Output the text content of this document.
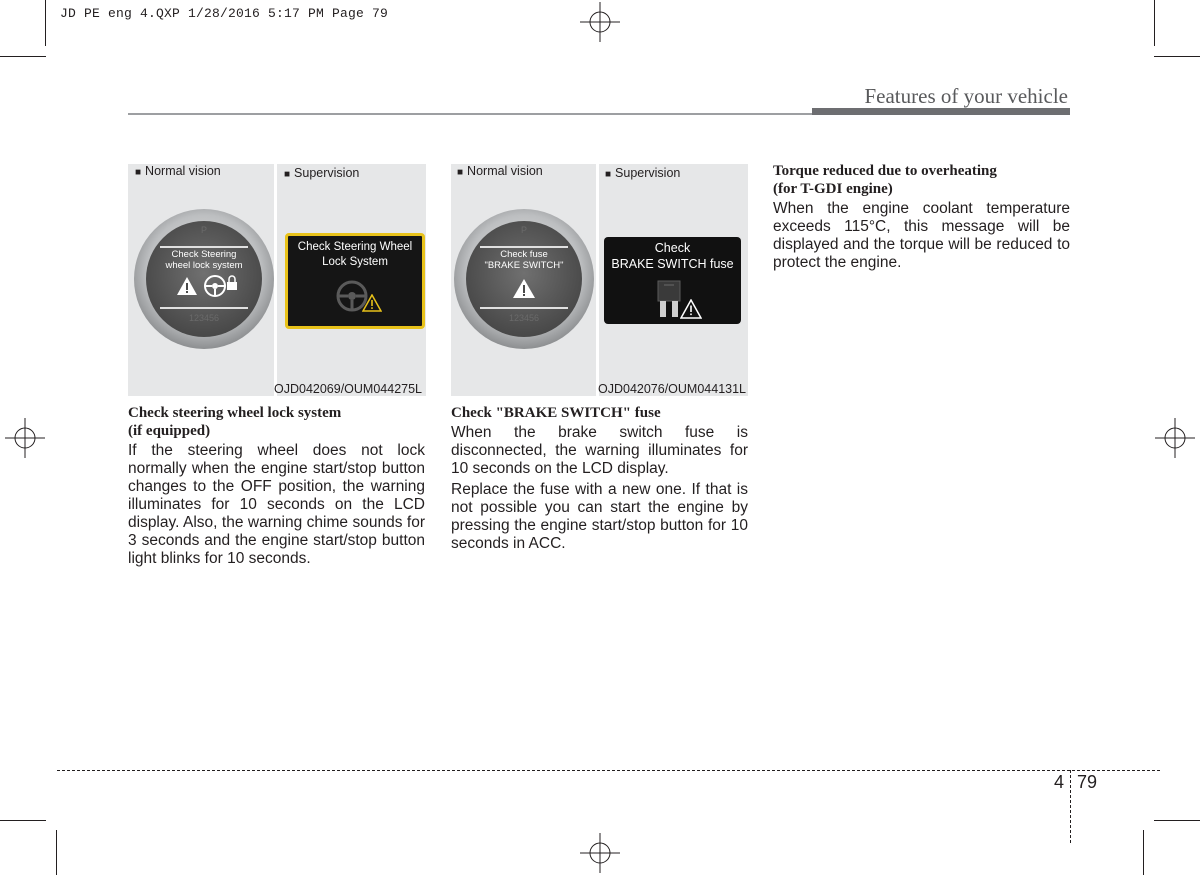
JD PE eng 4.QXP 1/28/2016 5:17 PM Page 79
Features of your vehicle
■ Normal vision	■ Supervision
P
Check Steering
wheel lock system
123456
Check Steering Wheel
Lock System
OJD042069/OUM044275L
■ Normal vision	■ Supervision
P
Check fuse
"BRAKE SWITCH"
123456
Check
BRAKE SWITCH fuse
OJD042076/OUM044131L
Check steering wheel lock system
(if equipped)

If the steering wheel does not lock normally when the engine start/stop button changes to the OFF position, the warning illuminates for 10 seconds on the LCD display. Also, the warning chime sounds for 3 seconds and the engine start/stop button light blinks for 10 seconds.

Check "BRAKE SWITCH" fuse

When the brake switch fuse is disconnected, the warning illuminates for 10 seconds on the LCD display.

Replace the fuse with a new one. If that is not possible you can start the engine by pressing the engine start/stop button for 10 seconds in ACC.

Torque reduced due to overheating
(for T-GDI engine)

When the engine coolant temperature exceeds 115°C, this message will be displayed and the torque will be reduced to protect the engine.

4 79
